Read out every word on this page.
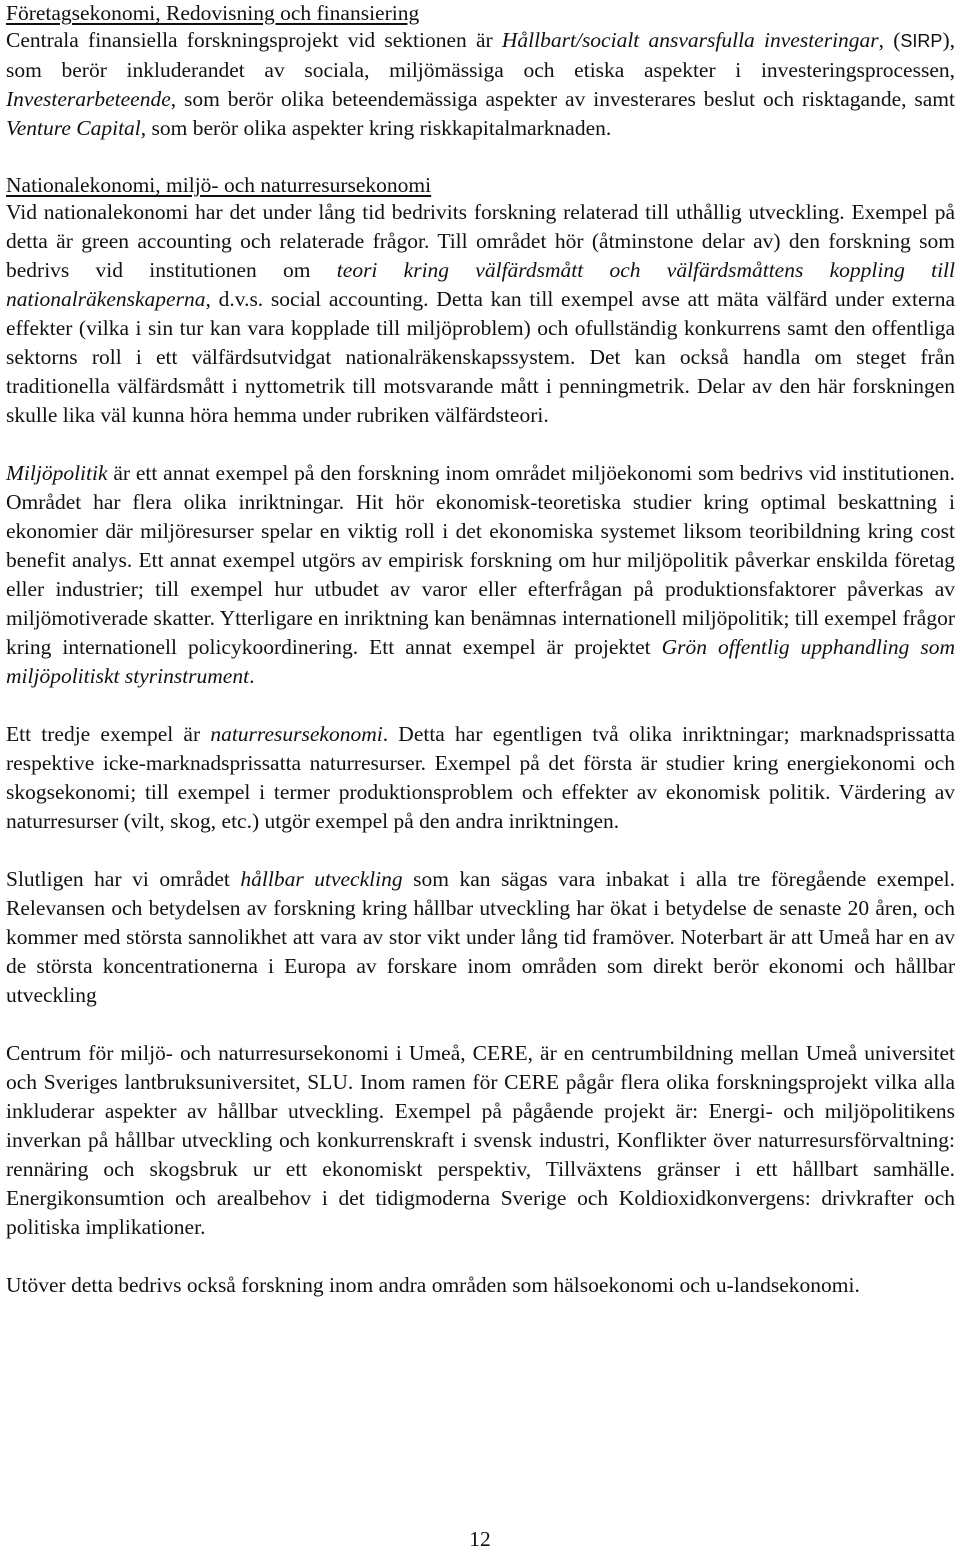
Företagsekonomi, Redovisning och finansiering

Centrala finansiella forskningsprojekt vid sektionen är Hållbart/socialt ansvarsfulla investeringar, (SIRP), som berör inkluderandet av sociala, miljömässiga och etiska aspekter i investeringsprocessen, Investerarbeteende, som berör olika beteendemässiga aspekter av investerares beslut och risktagande, samt Venture Capital, som berör olika aspekter kring riskkapitalmarknaden.

Nationalekonomi, miljö- och naturresursekonomi

Vid nationalekonomi har det under lång tid bedrivits forskning relaterad till uthållig utveckling. Exempel på detta är green accounting och relaterade frågor. Till området hör (åtminstone delar av) den forskning som bedrivs vid institutionen om teori kring välfärdsmått och välfärdsmåttens koppling till nationalräkenskaperna, d.v.s. social accounting. Detta kan till exempel avse att mäta välfärd under externa effekter (vilka i sin tur kan vara kopplade till miljöproblem) och ofullständig konkurrens samt den offentliga sektorns roll i ett välfärdsutvidgat nationalräkenskapssystem. Det kan också handla om steget från traditionella välfärdsmått i nyttometrik till motsvarande mått i penningmetrik. Delar av den här forskningen skulle lika väl kunna höra hemma under rubriken välfärdsteori.

Miljöpolitik är ett annat exempel på den forskning inom området miljöekonomi som bedrivs vid institutionen. Området har flera olika inriktningar. Hit hör ekonomisk-teoretiska studier kring optimal beskattning i ekonomier där miljöresurser spelar en viktig roll i det ekonomiska systemet liksom teoribildning kring cost benefit analys. Ett annat exempel utgörs av empirisk forskning om hur miljöpolitik påverkar enskilda företag eller industrier; till exempel hur utbudet av varor eller efterfrågan på produktionsfaktorer påverkas av miljömotiverade skatter. Ytterligare en inriktning kan benämnas internationell miljöpolitik; till exempel frågor kring internationell policykoordinering. Ett annat exempel är projektet Grön offentlig upphandling som miljöpolitiskt styrinstrument.

Ett tredje exempel är naturresursekonomi. Detta har egentligen två olika inriktningar; marknadsprissatta respektive icke-marknadsprissatta naturresurser. Exempel på det första är studier kring energiekonomi och skogsekonomi; till exempel i termer produktionsproblem och effekter av ekonomisk politik. Värdering av naturresurser (vilt, skog, etc.) utgör exempel på den andra inriktningen.

Slutligen har vi området hållbar utveckling som kan sägas vara inbakat i alla tre föregående exempel. Relevansen och betydelsen av forskning kring hållbar utveckling har ökat i betydelse de senaste 20 åren, och kommer med största sannolikhet att vara av stor vikt under lång tid framöver. Noterbart är att Umeå har en av de största koncentrationerna i Europa av forskare inom områden som direkt berör ekonomi och hållbar utveckling

Centrum för miljö- och naturresursekonomi i Umeå, CERE, är en centrumbildning mellan Umeå universitet och Sveriges lantbruksuniversitet, SLU. Inom ramen för CERE pågår flera olika forskningsprojekt vilka alla inkluderar aspekter av hållbar utveckling. Exempel på pågående projekt är: Energi- och miljöpolitikens inverkan på hållbar utveckling och konkurrenskraft i svensk industri, Konflikter över naturresursförvaltning: rennäring och skogsbruk ur ett ekonomiskt perspektiv, Tillväxtens gränser i ett hållbart samhälle. Energikonsumtion och arealbehov i det tidigmoderna Sverige och Koldioxidkonvergens: drivkrafter och politiska implikationer.

Utöver detta bedrivs också forskning inom andra områden som hälsoekonomi och u-landsekonomi.

12
